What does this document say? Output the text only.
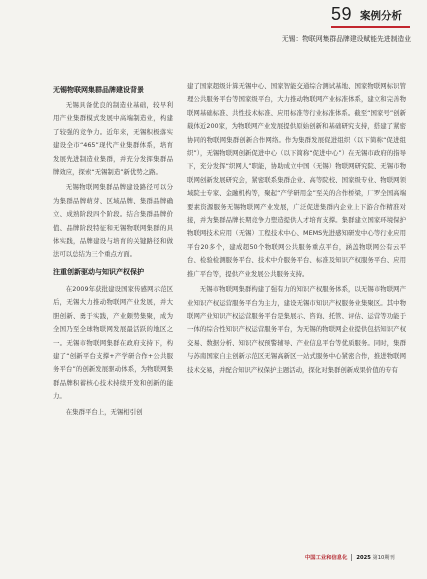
59 案例分析
无锡：物联网集群品牌建设赋能先进制造业
无锡物联网集群品牌建设背景

无锡具备优良的制造业基础，较早利用产业集群模式发展中高端制造业，构建了较强的竞争力。近年来，无锡积极落实建设全市“465”现代产业集群体系，培育发展先进制造业集群，并充分发挥集群品牌效应，探索“无锡制造”新优势之路。

无锡物联网集群品牌建设路径可以分为集群品牌萌芽、区域品牌、集群品牌确立、成熟阶段四个阶段。结合集群品牌价值、品牌阶段特征和无锡物联网集群的具体实践，品牌建设与培育的关键路径和做法可以总结为三个重点方面。

注重创新驱动与知识产权保护

在2009年获批建设国家传感网示范区后，无锡大力推动物联网产业发展，并大胆创新、勇于实践，产业颇势集聚，成为全国乃至全球物联网发展最活跃的地区之一。无锡市物联网集群在政府支持下，构建了“创新平台支撑+产学研合作+公共服务平台”的创新发展驱动体系，为物联网集群品牌积蓄核心技术持续开发和创新的能力。

在集群平台上，无锡相引创

建了国家超级计算无锡中心、国家智能交通综合测试基地、国家物联网标识管理公共服务平台等国家级平台，大力推动物联网产业标准体系，建立和完善物联网基础标准、共性技术标准、应用标准等行业标准体系。截至“国家号”创新载体近200家，为物联网产业发展提供原始创新和基础研究支持，搭建了紧密协同的物联网集群创新合作网络。作为集群发展促进组织（以下简称“促进组织”），无锡物联网创新促进中心（以下简称“促进中心”）在无锡市政府的指导下，充分发挥“织网人”职能，协助成立中国（无锡）物联网研究院、无锡市物联网创新发展研究会，紧密联系集群企业、高等院校、国家级专业、物联网领域院士专家、金融机构等，聚起“产学研用金”至关的合作桥梁，厂罗全国高端要素资源服务无锡物联网产业发展，广泛促进集群内企业上下游合作精准对接，并为集群品牌长期竞争力塑造提供人才培育支撑。集群建立国家环境保护物联网技术应用（无锡）工程技术中心、MEMS先进感知研发中心等行业应用平台20多个，建成超50个物联网公共服务重点平台，涵盖物联网公有云平台、检验检测服务平台、技术中介服务平台、标准及知识产权服务平台、应用推广平台等，提供产业发展公共服务支持。

无锡市物联网集群构建了强有力的知识产权服务体系，以无锡市物联网产业知识产权运营服务平台为主力，建设无锡市知识产权服务业集聚区。其中物联网产业知识产权运营服务平台是集展示、咨询、托管、评估、运营等功能于一体的综合性知识产权运营服务平台，为无锡的物联网企业提供包括知识产权交易、数据分析、知识产权预警辅导、产业信息平台等优质服务。同时，集群与苏南国家自主创新示范区无锡高新区一站式服务中心紧密合作，推进物联网技术交易，并配合知识产权保护主题活动，探化对集群创新成果价值的专有

中国工业和信息化 2025 第10期刊
